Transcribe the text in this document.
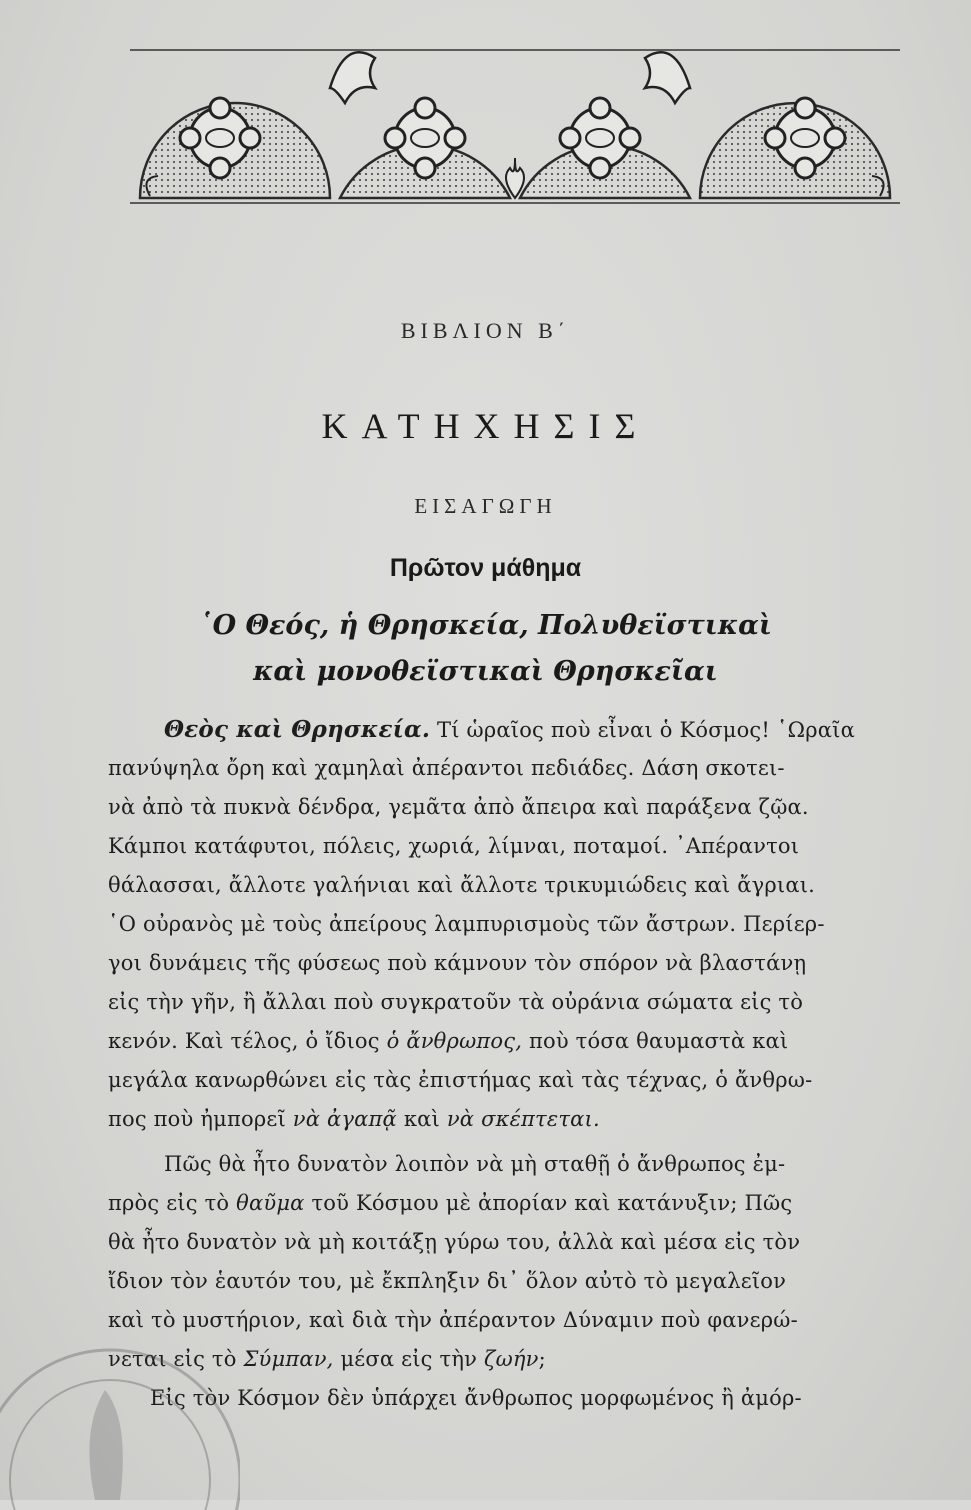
ΒΙΒΛΙΟΝ Β΄
ΚΑΤΗΧΗΣΙΣ
ΕΙΣΑΓΩΓΗ
Πρῶτον μάθημα
῾Ο Θεός, ἡ Θρησκεία, Πολυθεϊστικαὶ
καὶ μονοθεϊστικαὶ Θρησκεῖαι
Θεὸς καὶ Θρησκεία. Τί ὡραῖος ποὺ εἶναι ὁ Κόσμος! ῾Ωραῖα
πανύψηλα ὄρη καὶ χαμηλαὶ ἀπέραντοι πεδιάδες. Δάση σκοτει-
νὰ ἀπὸ τὰ πυκνὰ δένδρα, γεμᾶτα ἀπὸ ἄπειρα καὶ παράξενα ζῷα.
Κάμποι κατάφυτοι, πόλεις, χωριά, λίμναι, ποταμοί. ᾿Απέραντοι
θάλασσαι, ἄλλοτε γαλήνιαι καὶ ἄλλοτε τρικυμιώδεις καὶ ἄγριαι.
῾Ο οὐρανὸς μὲ τοὺς ἀπείρους λαμπυρισμοὺς τῶν ἄστρων. Περίερ-
γοι δυνάμεις τῆς φύσεως ποὺ κάμνουν τὸν σπόρον νὰ βλαστάνῃ
εἰς τὴν γῆν, ἢ ἄλλαι ποὺ συγκρατοῦν τὰ οὐράνια σώματα εἰς τὸ
κενόν. Καὶ τέλος, ὁ ἴδιος ὁ ἄνθρωπος, ποὺ τόσα θαυμαστὰ καὶ
μεγάλα κανωρθώνει εἰς τὰς ἐπιστήμας καὶ τὰς τέχνας, ὁ ἄνθρω-
πος ποὺ ἠμπορεῖ νὰ ἀγαπᾷ καὶ νὰ σκέπτεται.
Πῶς θὰ ἦτο δυνατὸν λοιπὸν νὰ μὴ σταθῇ ὁ ἄνθρωπος ἐμ-
πρὸς εἰς τὸ θαῦμα τοῦ Κόσμου μὲ ἀπορίαν καὶ κατάνυξιν; Πῶς
θὰ ἦτο δυνατὸν νὰ μὴ κοιτάξῃ γύρω του, ἀλλὰ καὶ μέσα εἰς τὸν
ἴδιον τὸν ἑαυτόν του, μὲ ἔκπληξιν δι᾿ ὅλον αὐτὸ τὸ μεγαλεῖον
καὶ τὸ μυστήριον, καὶ διὰ τὴν ἀπέραντον Δύναμιν ποὺ φανερώ-
νεται εἰς τὸ Σύμπαν, μέσα εἰς τὴν ζωήν;
Εἰς τὸν Κόσμον δὲν ὑπάρχει ἄνθρωπος μορφωμένος ἢ ἀμόρ-
